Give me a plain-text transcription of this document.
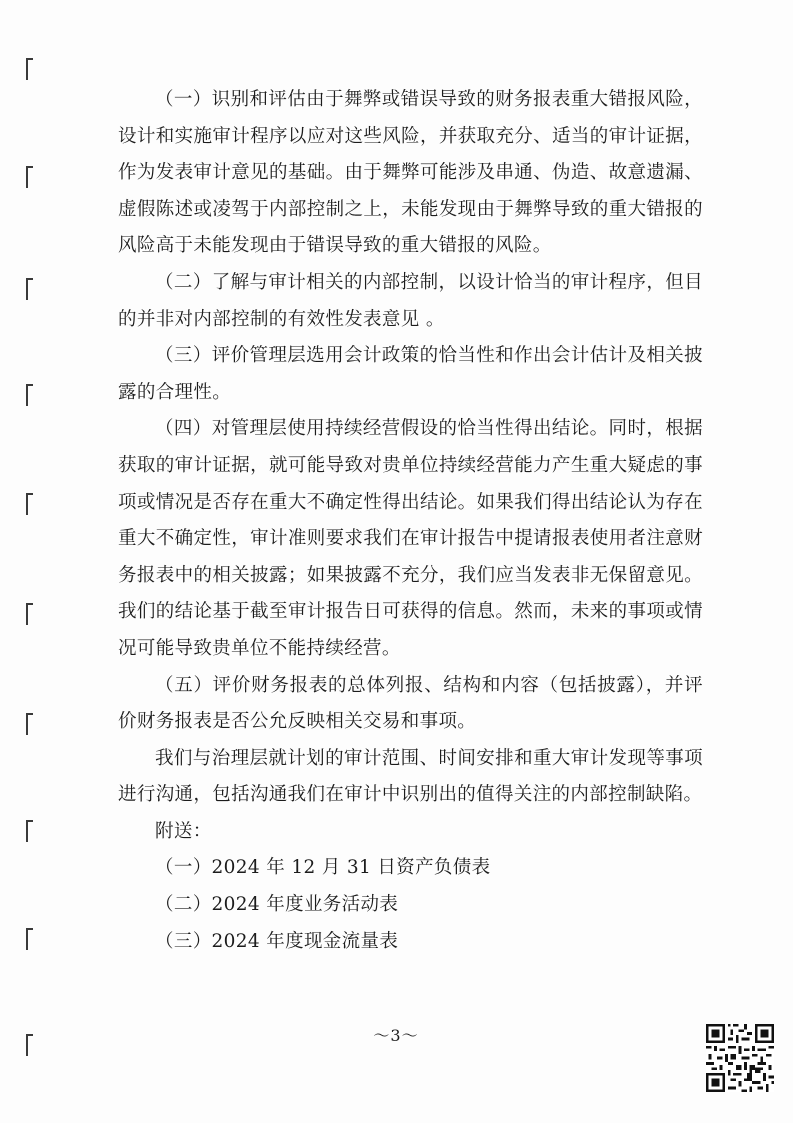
（一）识别和评估由于舞弊或错误导致的财务报表重大错报风险，设计和实施审计程序以应对这些风险，并获取充分、适当的审计证据，作为发表审计意见的基础。由于舞弊可能涉及串通、伪造、故意遗漏、虚假陈述或凌驾于内部控制之上，未能发现由于舞弊导致的重大错报的风险高于未能发现由于错误导致的重大错报的风险。

（二）了解与审计相关的内部控制，以设计恰当的审计程序，但目的并非对内部控制的有效性发表意见 。

（三）评价管理层选用会计政策的恰当性和作出会计估计及相关披露的合理性。

（四）对管理层使用持续经营假设的恰当性得出结论。同时，根据获取的审计证据，就可能导致对贵单位持续经营能力产生重大疑虑的事项或情况是否存在重大不确定性得出结论。如果我们得出结论认为存在重大不确定性，审计准则要求我们在审计报告中提请报表使用者注意财务报表中的相关披露；如果披露不充分，我们应当发表非无保留意见。我们的结论基于截至审计报告日可获得的信息。然而，未来的事项或情况可能导致贵单位不能持续经营。

（五）评价财务报表的总体列报、结构和内容（包括披露），并评价财务报表是否公允反映相关交易和事项。

我们与治理层就计划的审计范围、时间安排和重大审计发现等事项进行沟通，包括沟通我们在审计中识别出的值得关注的内部控制缺陷。

附送：

（一）2024 年 12 月 31 日资产负债表

（二）2024 年度业务活动表

（三）2024 年度现金流量表

～3～
